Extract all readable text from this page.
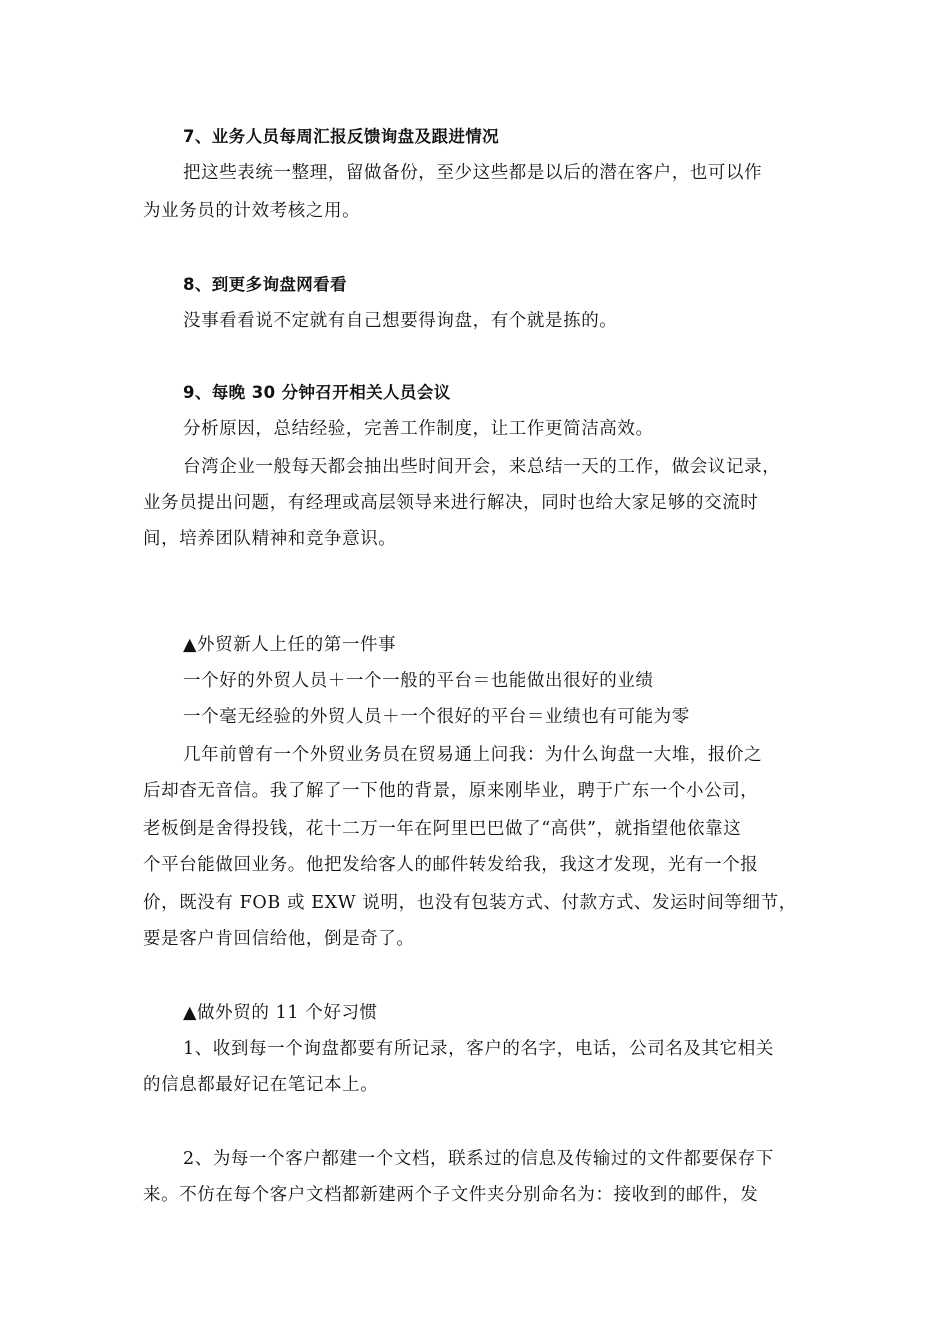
7、业务人员每周汇报反馈询盘及跟进情况
把这些表统一整理，留做备份，至少这些都是以后的潜在客户，也可以作
为业务员的计效考核之用。
8、到更多询盘网看看
没事看看说不定就有自己想要得询盘，有个就是拣的。
9、每晚 30 分钟召开相关人员会议
分析原因，总结经验，完善工作制度，让工作更简洁高效。
台湾企业一般每天都会抽出些时间开会，来总结一天的工作，做会议记录，
业务员提出问题，有经理或高层领导来进行解决，同时也给大家足够的交流时
间，培养团队精神和竞争意识。
▲外贸新人上任的第一件事
一个好的外贸人员＋一个一般的平台＝也能做出很好的业绩
一个毫无经验的外贸人员＋一个很好的平台＝业绩也有可能为零
几年前曾有一个外贸业务员在贸易通上问我：为什么询盘一大堆，报价之
后却杳无音信。我了解了一下他的背景，原来刚毕业，聘于广东一个小公司，
老板倒是舍得投钱，花十二万一年在阿里巴巴做了“高供”，就指望他依靠这
个平台能做回业务。他把发给客人的邮件转发给我，我这才发现，光有一个报
价，既没有 FOB 或 EXW 说明，也没有包装方式、付款方式、发运时间等细节，
要是客户肯回信给他，倒是奇了。
▲做外贸的 11 个好习惯
1、收到每一个询盘都要有所记录，客户的名字，电话，公司名及其它相关
的信息都最好记在笔记本上。
2、为每一个客户都建一个文档，联系过的信息及传输过的文件都要保存下
来。不仿在每个客户文档都新建两个子文件夹分别命名为：接收到的邮件，发
